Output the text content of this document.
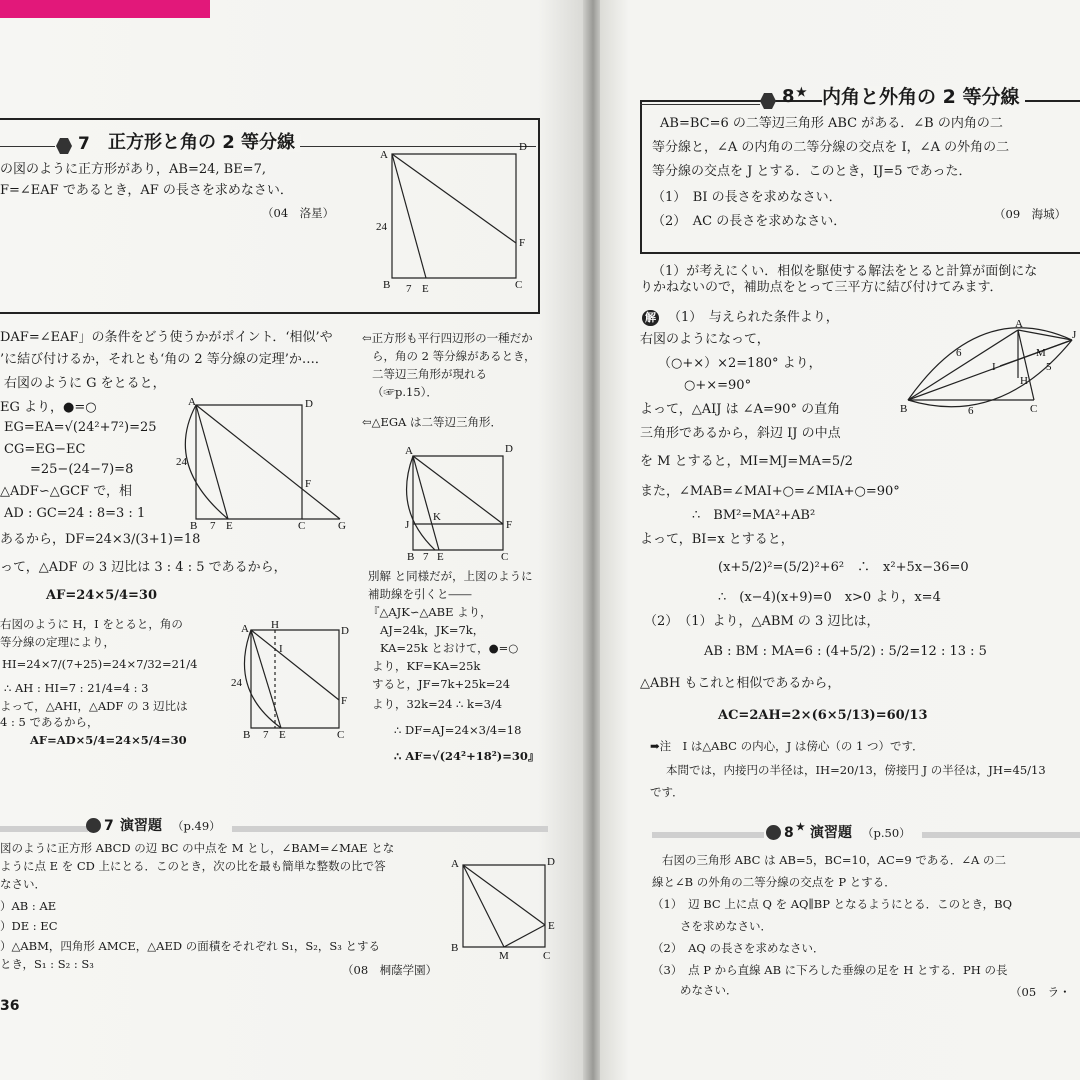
7 正方形と角の 2 等分線
の図のように正方形があり，AB=24, BE=7,
F=∠EAF であるとき，AF の長さを求めなさい．
（04　洛星）
A
D
B	C
E
F
24
7
DAF=∠EAF」の条件をどう使うかがポイント．‘相似’や
’に結び付けるか，それとも‘角の 2 等分線の定理’か…．
右図のように G をとると，
EG より，●=○
EG=EA=√(24²+7²)=25
CG=EG−EC
=25−(24−7)=8
△ADF∽△GCF で，相
AD : GC=24 : 8=3 : 1
あるから，DF=24×3/(3+1)=18
って，△ADF の 3 辺比は 3 : 4 : 5 であるから，
AF=24×5/4=30
⇦正方形も平行四辺形の一種だか
ら，角の 2 等分線があるとき，
二等辺三角形が現れる
（☞p.15）．
⇦△EGA は二等辺三角形．
A	D
B	C
E
F
G
24
7
A	D
B	C
E
F
J
K
7
右図のように H，I をとると，角の
等分線の定理により，
HI=24×7/(7+25)=24×7/32=21/4
∴ AH : HI=7 : 21/4=4 : 3
よって，△AHI，△ADF の 3 辺比は
4 : 5 であるから，
AF=AD×5/4=24×5/4=30
A	D
B	C
E
F
H
I
24
7
別解 と同様だが，上図のように
補助線を引くと――
『△AJK∽△ABE より，
AJ=24k，JK=7k，
KA=25k とおけて，●=○
より，KF=KA=25k
すると，JF=7k+25k=24
より，32k=24 ∴ k=3/4
∴ DF=AJ=24×3/4=18
∴ AF=√(24²+18²)=30』
7 演習題 （p.49）
図のように正方形 ABCD の辺 BC の中点を M とし，∠BAM=∠MAE とな
ように点 E を CD 上にとる．このとき，次の比を最も簡単な整数の比で答
なさい．
）AB : AE
）DE : EC
）△ABM，四角形 AMCE，△AED の面積をそれぞれ S₁，S₂，S₃ とする
とき，S₁ : S₂ : S₃	（08　桐蔭学園）
A	D
B
C
E
M
36
8 ★ 内角と外角の 2 等分線
AB=BC=6 の二等辺三角形 ABC がある．∠B の内角の二
等分線と，∠A の内角の二等分線の交点を I，∠A の外角の二
等分線の交点を J とする．このとき，IJ=5 であった．
（1）　BI の長さを求めなさい．
（2）　AC の長さを求めなさい．	（09　海城）
（1）が考えにくい．相似を駆使する解法をとると計算が面倒にな
りかねないので，補助点をとって三平方に結び付けてみます．
解 （1）　与えられた条件より，
右図のようになって，
（○+×）×2=180° より，
○+×=90°
よって，△AIJ は ∠A=90° の直角
三角形であるから，斜辺 IJ の中点
を M とすると，MI=MJ=MA=5/2
また，∠MAB=∠MAI+○=∠MIA+○=90°
∴　BM²=MA²+AB²
よって，BI=x とすると，
(x+5/2)²=(5/2)²+6²　∴　x²+5x−36=0
∴　(x−4)(x+9)=0　x>0 より，x=4
（2）　（1）より，△ABM の 3 辺比は，
AB : BM : MA=6 : (4+5/2) : 5/2=12 : 13 : 5
△ABH もこれと相似であるから，
AC=2AH=2×(6×5/13)=60/13
➡注　I は△ABC の内心，J は傍心（の 1 つ）です．
本問では，内接円の半径は，IH=20/13，傍接円 J の半径は，JH=45/13
です．
A
B	C
I
J
M
H
6
6
5
8 ★ 演習題 （p.50）
右図の三角形 ABC は AB=5，BC=10，AC=9 である．∠A の二
線と∠B の外角の二等分線の交点を P とする．
（1）　辺 BC 上に点 Q を AQ∥BP となるようにとる．このとき，BQ
さを求めなさい．
（2）　AQ の長さを求めなさい．
（3）　点 P から直線 AB に下ろした垂線の足を H とする．PH の長
めなさい．	（05　ラ・
